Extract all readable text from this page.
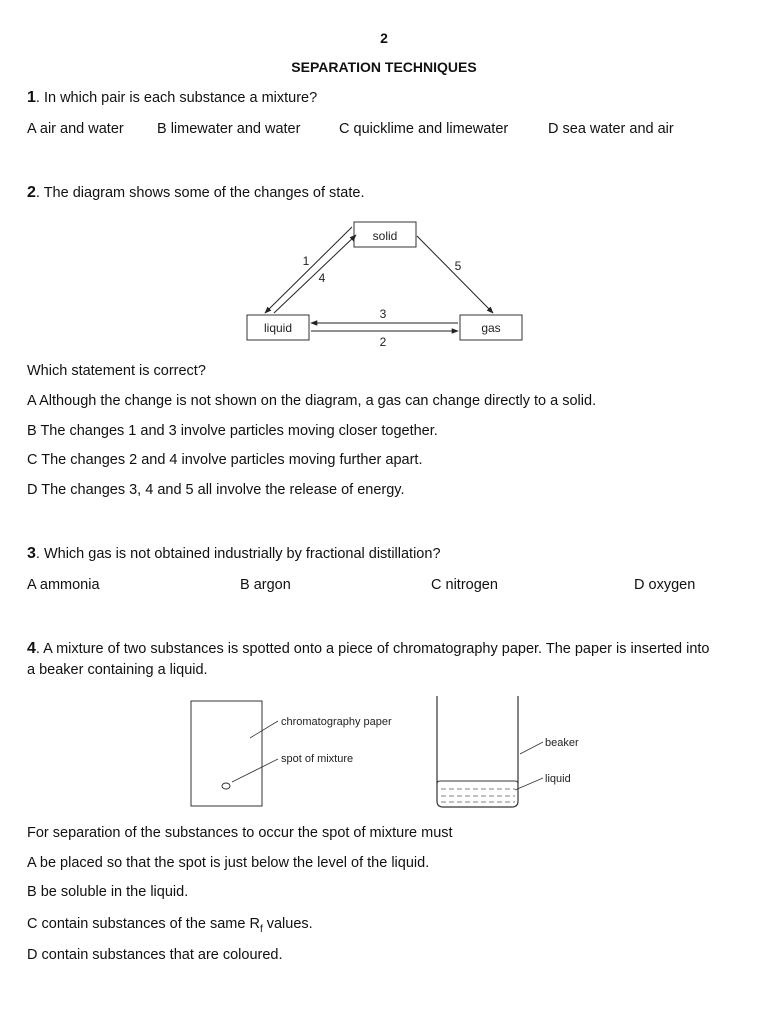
2
SEPARATION TECHNIQUES
1. In which pair is each substance a mixture?
A air and water B limewater and water	C quicklime and limewater	D sea water and air
2. The diagram shows some of the changes of state.
solid
liquid	gas
1
4
5
3
2
chromatography paper
spot of mixture
beaker
liquid
Which statement is correct?
A Although the change is not shown on the diagram, a gas can change directly to a solid.
B The changes 1 and 3 involve particles moving closer together.
C The changes 2 and 4 involve particles moving further apart.
D The changes 3, 4 and 5 all involve the release of energy.
3. Which gas is not obtained industrially by fractional distillation?
A ammonia	B argon	C nitrogen	D oxygen
4. A mixture of two substances is spotted onto a piece of chromatography paper. The paper is inserted into
a beaker containing a liquid.
For separation of the substances to occur the spot of mixture must
A be placed so that the spot is just below the level of the liquid.
B be soluble in the liquid.
C contain substances of the same $R_f$ values.
D contain substances that are coloured.
